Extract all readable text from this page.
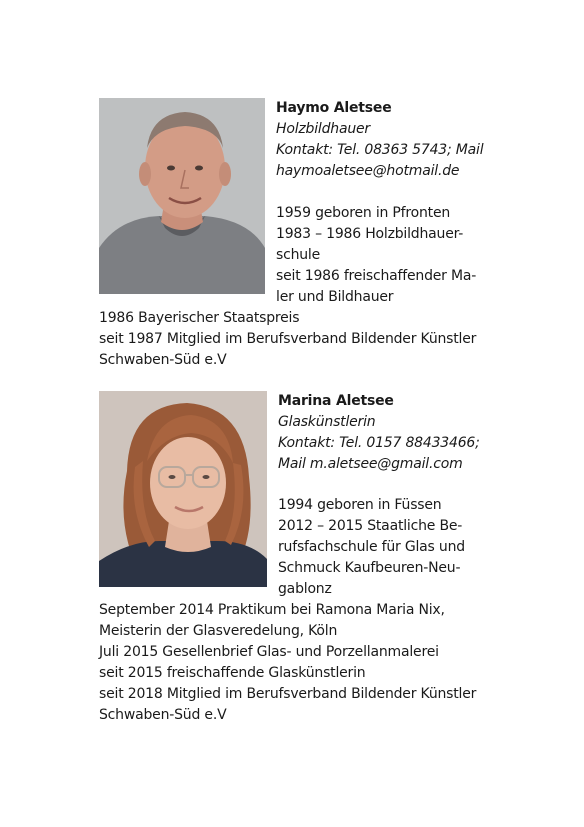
Haymo Aletsee
Holzbildhauer
Kontakt: Tel. 08363 5743; Mail
haymoaletsee@hotmail.de
1959 geboren in Pfronten
1983 – 1986 Holzbildhauer-
schule
seit 1986 freischaffender Ma-
ler und Bildhauer
1986 Bayerischer Staatspreis
seit 1987 Mitglied im Berufsverband Bildender Künstler
Schwaben-Süd e.V
Marina Aletsee
Glaskünstlerin
Kontakt: Tel. 0157 88433466;
Mail m.aletsee@gmail.com
1994 geboren in Füssen
2012 – 2015 Staatliche Be-
rufsfachschule für Glas und
Schmuck Kaufbeuren-Neu-
gablonz
September 2014 Praktikum bei Ramona Maria Nix,
Meisterin der Glasveredelung, Köln
Juli 2015 Gesellenbrief Glas- und Porzellanmalerei
seit 2015 freischaffende Glaskünstlerin
seit 2018 Mitglied im Berufsverband Bildender Künstler
Schwaben-Süd e.V
